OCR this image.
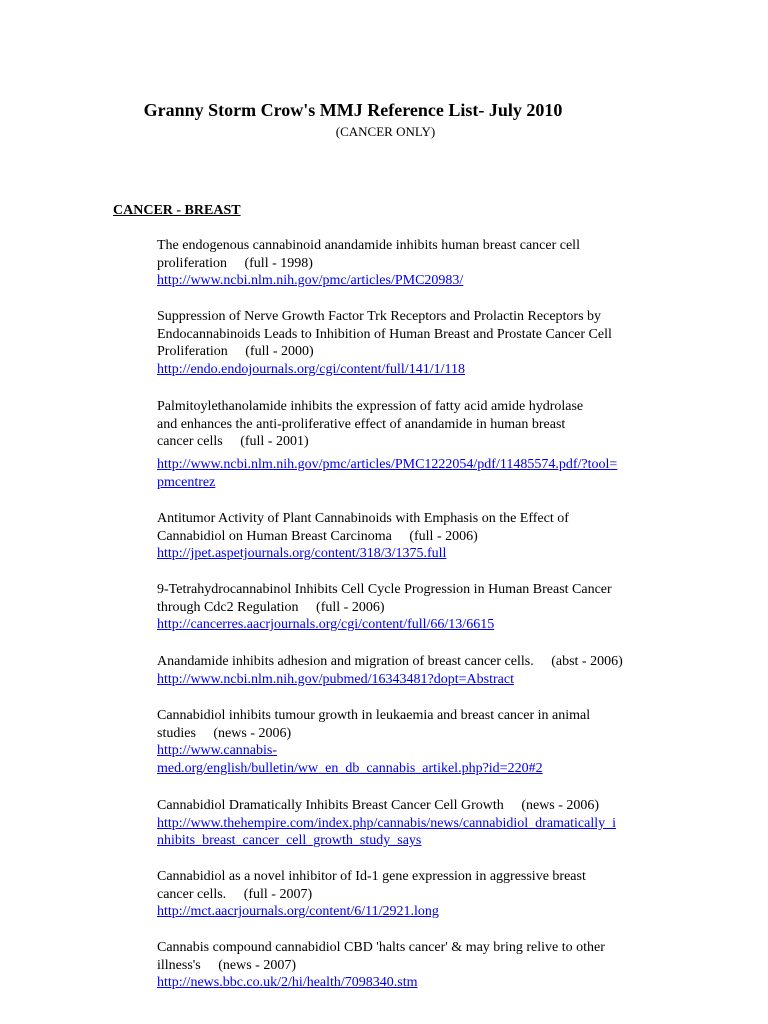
Granny Storm Crow's MMJ Reference List- July 2010
(CANCER ONLY)
CANCER - BREAST
The endogenous cannabinoid anandamide inhibits human breast cancer cell
proliferation (full - 1998)
http://www.ncbi.nlm.nih.gov/pmc/articles/PMC20983/
Suppression of Nerve Growth Factor Trk Receptors and Prolactin Receptors by
Endocannabinoids Leads to Inhibition of Human Breast and Prostate Cancer Cell
Proliferation (full - 2000)
http://endo.endojournals.org/cgi/content/full/141/1/118
Palmitoylethanolamide inhibits the expression of fatty acid amide hydrolase
and enhances the anti-proliferative effect of anandamide in human breast
cancer cells (full - 2001)
http://www.ncbi.nlm.nih.gov/pmc/articles/PMC1222054/pdf/11485574.pdf/?tool=
pmcentrez
Antitumor Activity of Plant Cannabinoids with Emphasis on the Effect of
Cannabidiol on Human Breast Carcinoma (full - 2006)
http://jpet.aspetjournals.org/content/318/3/1375.full
9-Tetrahydrocannabinol Inhibits Cell Cycle Progression in Human Breast Cancer
through Cdc2 Regulation (full - 2006)
http://cancerres.aacrjournals.org/cgi/content/full/66/13/6615
Anandamide inhibits adhesion and migration of breast cancer cells. (abst - 2006)
http://www.ncbi.nlm.nih.gov/pubmed/16343481?dopt=Abstract
Cannabidiol inhibits tumour growth in leukaemia and breast cancer in animal
studies (news - 2006)
http://www.cannabis-
med.org/english/bulletin/ww_en_db_cannabis_artikel.php?id=220#2
Cannabidiol Dramatically Inhibits Breast Cancer Cell Growth (news - 2006)
http://www.thehempire.com/index.php/cannabis/news/cannabidiol_dramatically_i
nhibits_breast_cancer_cell_growth_study_says
Cannabidiol as a novel inhibitor of Id-1 gene expression in aggressive breast
cancer cells. (full - 2007)
http://mct.aacrjournals.org/content/6/11/2921.long
Cannabis compound cannabidiol CBD 'halts cancer' & may bring relive to other
illness's (news - 2007)
http://news.bbc.co.uk/2/hi/health/7098340.stm
